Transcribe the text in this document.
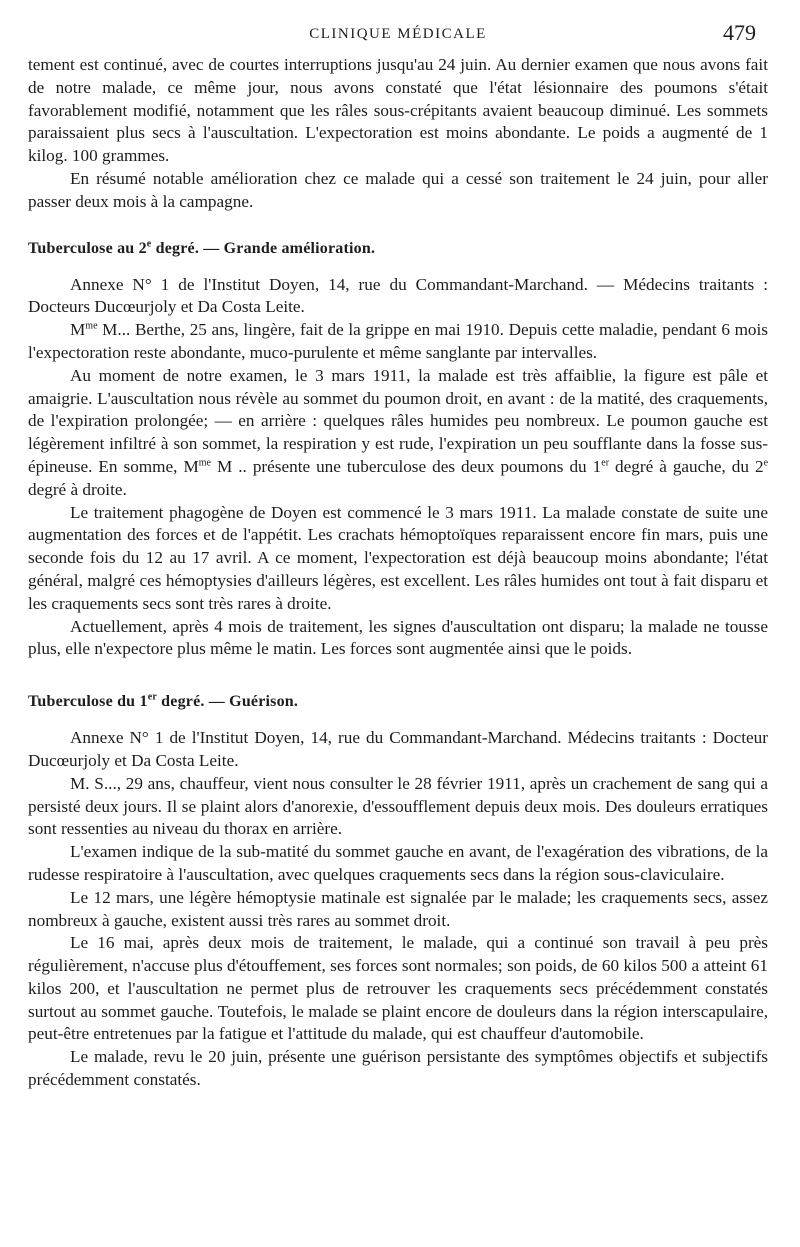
CLINIQUE MÉDICALE	479

tement est continué, avec de courtes interruptions jusqu'au 24 juin. Au dernier examen que nous avons fait de notre malade, ce même jour, nous avons constaté que l'état lésionnaire des poumons s'était favorablement modifié, notamment que les râles sous-crépitants avaient beaucoup diminué. Les sommets paraissaient plus secs à l'auscultation. L'expectoration est moins abondante. Le poids a augmenté de 1 kilog. 100 grammes.

En résumé notable amélioration chez ce malade qui a cessé son traitement le 24 juin, pour aller passer deux mois à la campagne.

Tuberculose au 2e degré. — Grande amélioration.

Annexe N° 1 de l'Institut Doyen, 14, rue du Commandant-Marchand. — Médecins traitants : Docteurs Ducœurjoly et Da Costa Leite.

$M^{me}$ M... Berthe, 25 ans, lingère, fait de la grippe en mai 1910. Depuis cette maladie, pendant 6 mois l'expectoration reste abondante, muco-purulente et même sanglante par intervalles.

Au moment de notre examen, le 3 mars 1911, la malade est très affaiblie, la figure est pâle et amaigrie. L'auscultation nous révèle au sommet du poumon droit, en avant : de la matité, des craquements, de l'expiration prolongée; — en arrière : quelques râles humides peu nombreux. Le poumon gauche est légèrement infiltré à son sommet, la respiration y est rude, l'expiration un peu soufflante dans la fosse sus-épineuse. En somme, $M^{me}$ M .. présente une tuberculose des deux poumons du 1er degré à gauche, du 2e degré à droite.

Le traitement phagogène de Doyen est commencé le 3 mars 1911. La malade constate de suite une augmentation des forces et de l'appétit. Les crachats hémoptoïques reparaissent encore fin mars, puis une seconde fois du 12 au 17 avril. A ce moment, l'expectoration est déjà beaucoup moins abondante; l'état général, malgré ces hémoptysies d'ailleurs légères, est excellent. Les râles humides ont tout à fait disparu et les craquements secs sont très rares à droite.

Actuellement, après 4 mois de traitement, les signes d'auscultation ont disparu; la malade ne tousse plus, elle n'expectore plus même le matin. Les forces sont augmentée ainsi que le poids.

Tuberculose du 1er degré. — Guérison.

Annexe N° 1 de l'Institut Doyen, 14, rue du Commandant-Marchand. Médecins traitants : Docteur Ducœurjoly et Da Costa Leite.

M. S..., 29 ans, chauffeur, vient nous consulter le 28 février 1911, après un crachement de sang qui a persisté deux jours. Il se plaint alors d'anorexie, d'essoufflement depuis deux mois. Des douleurs erratiques sont ressenties au niveau du thorax en arrière.

L'examen indique de la sub-matité du sommet gauche en avant, de l'exagération des vibrations, de la rudesse respiratoire à l'auscultation, avec quelques craquements secs dans la région sous-claviculaire.

Le 12 mars, une légère hémoptysie matinale est signalée par le malade; les craquements secs, assez nombreux à gauche, existent aussi très rares au sommet droit.

Le 16 mai, après deux mois de traitement, le malade, qui a continué son travail à peu près régulièrement, n'accuse plus d'étouffement, ses forces sont normales; son poids, de 60 kilos 500 a atteint 61 kilos 200, et l'auscultation ne permet plus de retrouver les craquements secs précédemment constatés surtout au sommet gauche. Toutefois, le malade se plaint encore de douleurs dans la région interscapulaire, peut-être entretenues par la fatigue et l'attitude du malade, qui est chauffeur d'automobile.

Le malade, revu le 20 juin, présente une guérison persistante des symptômes objectifs et subjectifs précédemment constatés.
